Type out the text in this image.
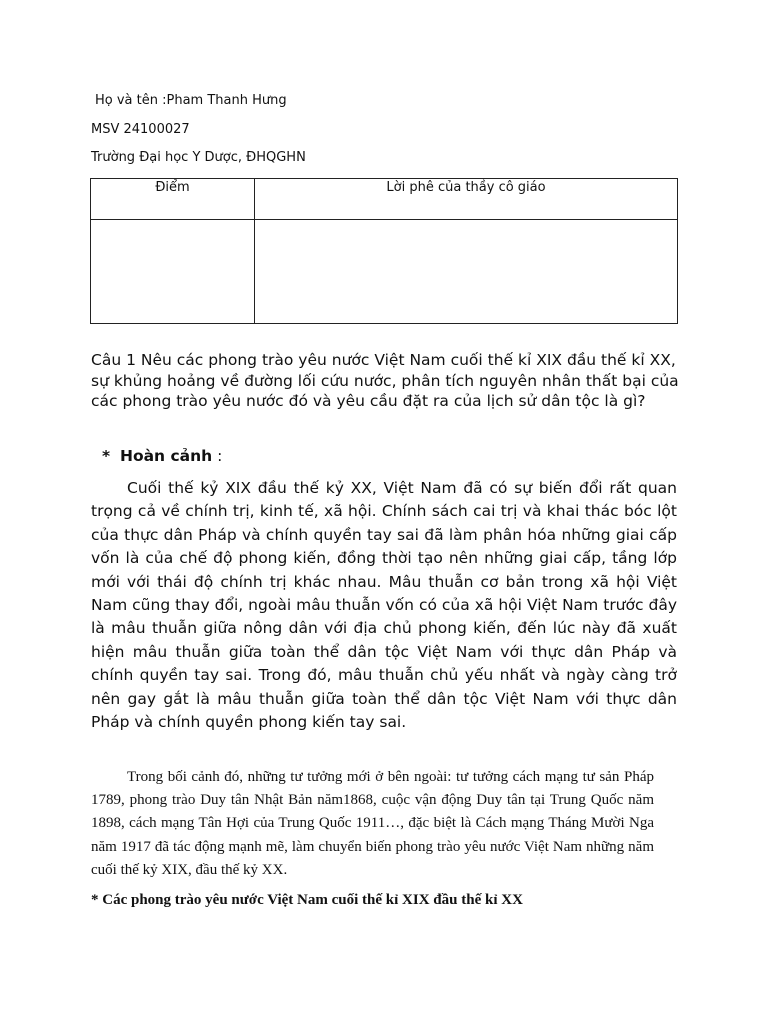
Họ và tên :Pham Thanh Hưng
MSV 24100027
Trường Đại học Y Dược, ĐHQGHN
Điểm	Lời phê của thầy cô giáo

Câu 1 Nêu các phong trào yêu nước Việt Nam cuối thế kỉ XIX đầu thế kỉ XX, sự khủng hoảng về đường lối cứu nước, phân tích nguyên nhân thất bại của các phong trào yêu nước đó và yêu cầu đặt ra của lịch sử dân tộc là gì?
* Hoàn cảnh :
Cuối thế kỷ XIX đầu thế kỷ XX, Việt Nam đã có sự biến đổi rất quan trọng cả về chính trị, kinh tế, xã hội. Chính sách cai trị và khai thác bóc lột của thực dân Pháp và chính quyền tay sai đã làm phân hóa những giai cấp vốn là của chế độ phong kiến, đồng thời tạo nên những giai cấp, tầng lớp mới với thái độ chính trị khác nhau. Mâu thuẫn cơ bản trong xã hội Việt Nam cũng thay đổi, ngoài mâu thuẫn vốn có của xã hội Việt Nam trước đây là mâu thuẫn giữa nông dân với địa chủ phong kiến, đến lúc này đã xuất hiện mâu thuẫn giữa toàn thể dân tộc Việt Nam với thực dân Pháp và chính quyền tay sai. Trong đó, mâu thuẫn chủ yếu nhất và ngày càng trở nên gay gắt là mâu thuẫn giữa toàn thể dân tộc Việt Nam với thực dân Pháp và chính quyền phong kiến tay sai.
Trong bối cảnh đó, những tư tưởng mới ở bên ngoài: tư tưởng cách mạng tư sản Pháp 1789, phong trào Duy tân Nhật Bản năm1868, cuộc vận động Duy tân tại Trung Quốc năm 1898, cách mạng Tân Hợi của Trung Quốc 1911…, đặc biệt là Cách mạng Tháng Mười Nga năm 1917 đã tác động mạnh mẽ, làm chuyển biến phong trào yêu nước Việt Nam những năm cuối thế kỷ XIX, đầu thế kỷ XX.
* Các phong trào yêu nước Việt Nam cuối thế kỉ XIX đầu thế kỉ XX
